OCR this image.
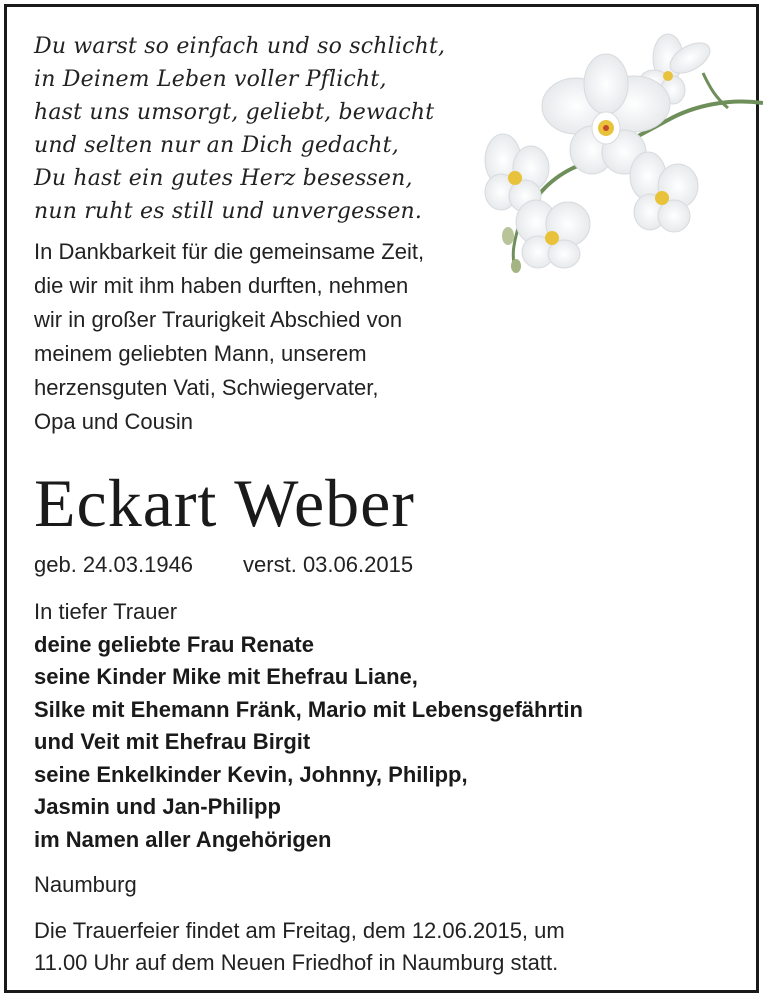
Du warst so einfach und so schlicht,
in Deinem Leben voller Pflicht,
hast uns umsorgt, geliebt, bewacht
und selten nur an Dich gedacht,
Du hast ein gutes Herz besessen,
nun ruht es still und unvergessen.
In Dankbarkeit für die gemeinsame Zeit,
die wir mit ihm haben durften, nehmen
wir in großer Traurigkeit Abschied von
meinem geliebten Mann, unserem
herzensguten Vati, Schwiegervater,
Opa und Cousin
Eckart Weber
geb. 24.03.1946 verst. 03.06.2015
In tiefer Trauer
deine geliebte Frau Renate
seine Kinder Mike mit Ehefrau Liane,
Silke mit Ehemann Fränk, Mario mit Lebensgefährtin
und Veit mit Ehefrau Birgit
seine Enkelkinder Kevin, Johnny, Philipp,
Jasmin und Jan-Philipp
im Namen aller Angehörigen
Naumburg
Die Trauerfeier findet am Freitag, dem 12.06.2015, um
11.00 Uhr auf dem Neuen Friedhof in Naumburg statt.
